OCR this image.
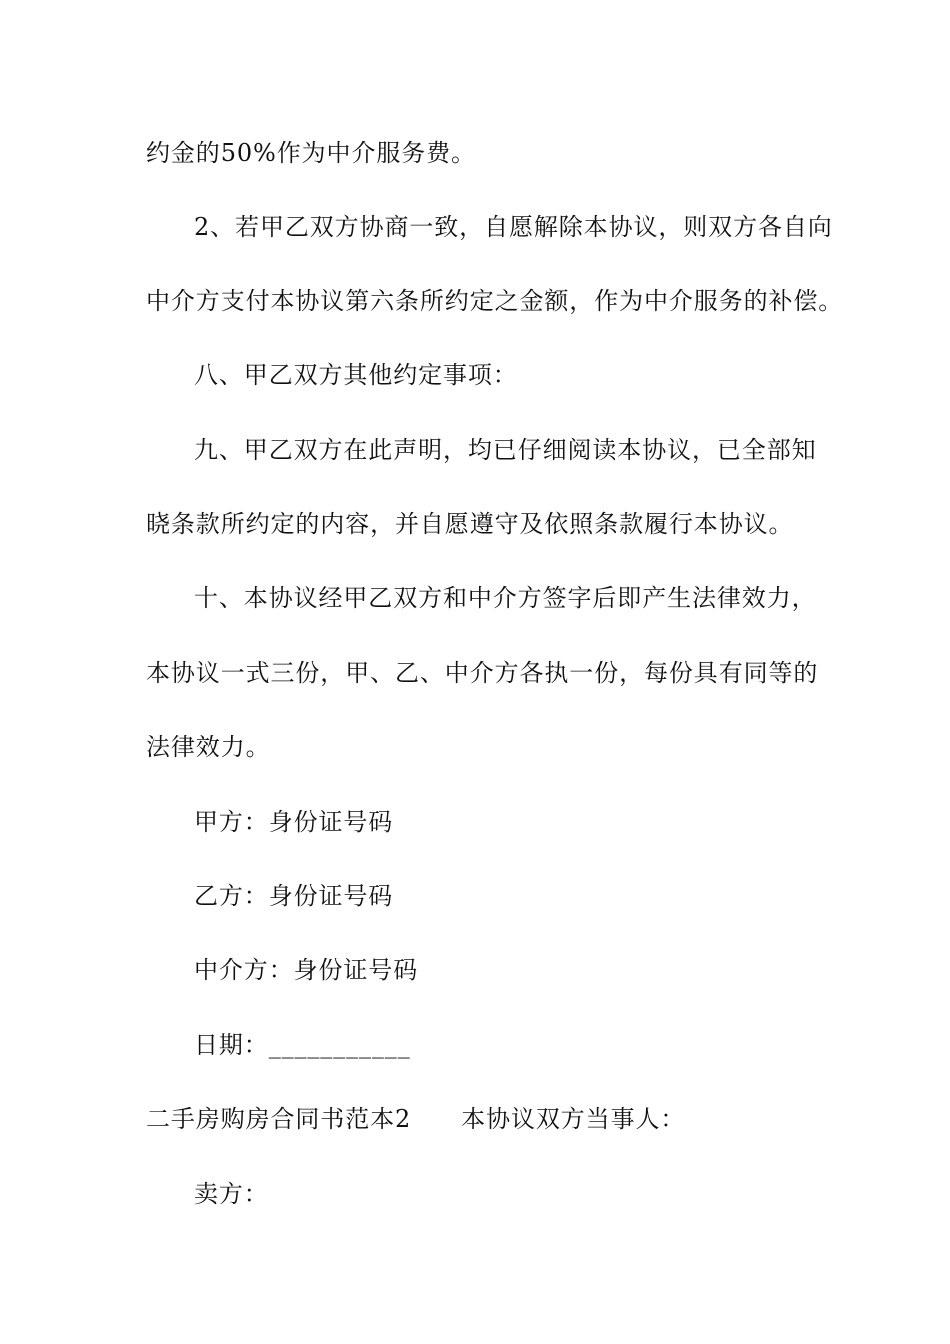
约金的50%作为中介服务费。
2、若甲乙双方协商一致，自愿解除本协议，则双方各自向
中介方支付本协议第六条所约定之金额，作为中介服务的补偿。
八、甲乙双方其他约定事项：
九、甲乙双方在此声明，均已仔细阅读本协议，已全部知
晓条款所约定的内容，并自愿遵守及依照条款履行本协议。
十、本协议经甲乙双方和中介方签字后即产生法律效力，
本协议一式三份，甲、乙、中介方各执一份，每份具有同等的
法律效力。
甲方：身份证号码
乙方：身份证号码
中介方：身份证号码
日期：___________
二手房购房合同书范本2 本协议双方当事人：
卖方：
